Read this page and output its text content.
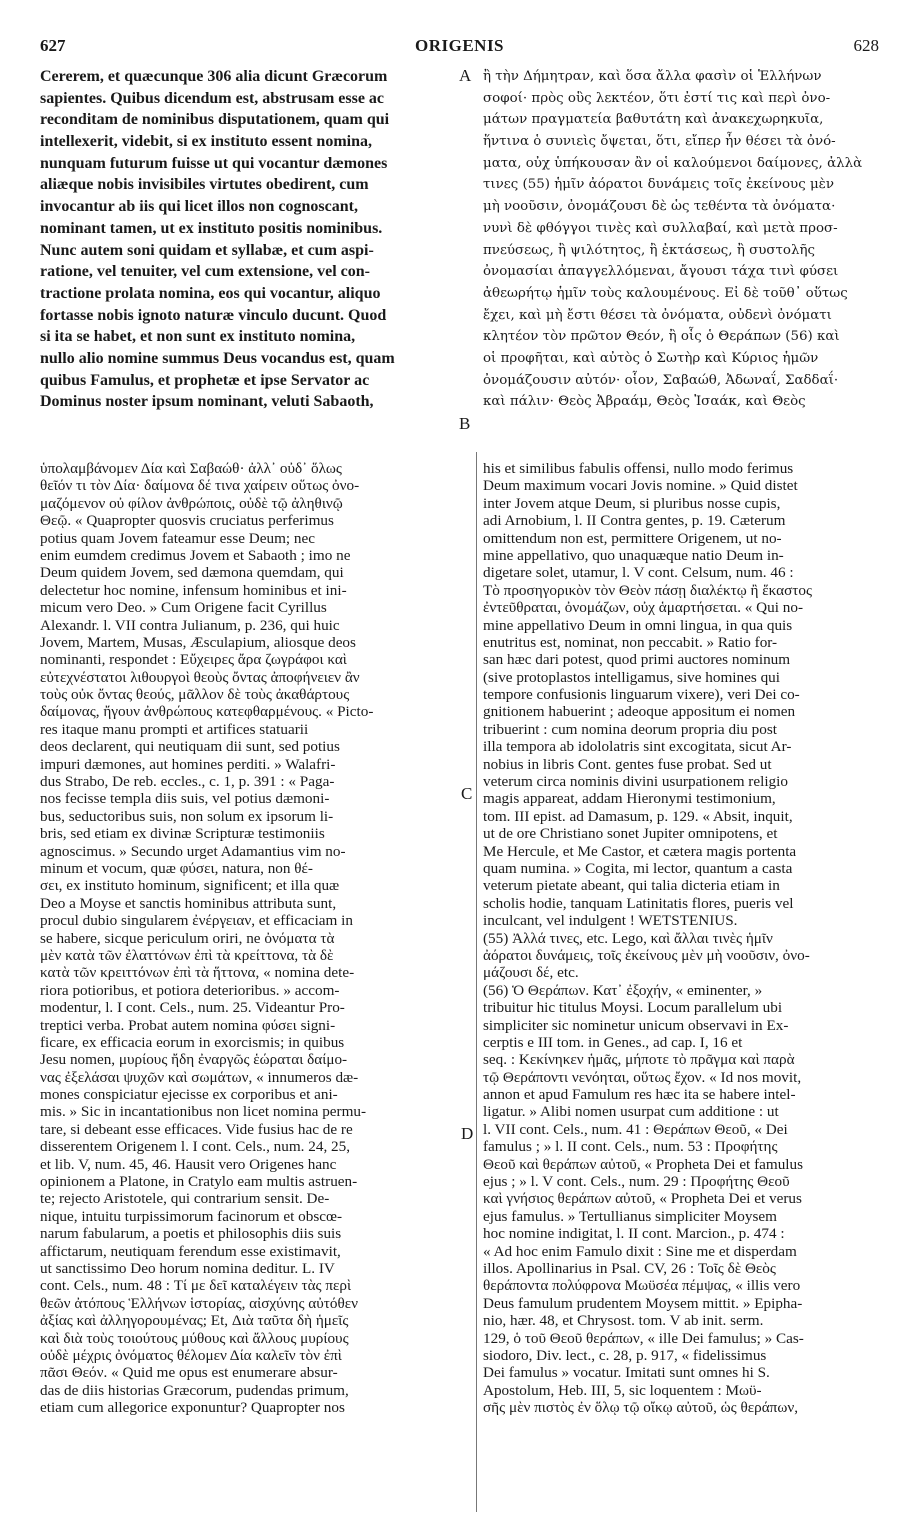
627	ORIGENIS	628
Cererem, et quæcunque 306 alia dicunt Græcorum
sapientes. Quibus dicendum est, abstrusam esse ac
reconditam de nominibus disputationem, quam qui
intellexerit, videbit, si ex instituto essent nomina,
nunquam futurum fuisse ut qui vocantur dæmones
aliæque nobis invisibiles virtutes obedirent, cum
invocantur ab iis qui licet illos non cognoscant,
nominant tamen, ut ex instituto positis nominibus.
Nunc autem soni quidam et syllabæ, et cum aspi-
ratione, vel tenuiter, vel cum extensione, vel con-
tractione prolata nomina, eos qui vocantur, aliquo
fortasse nobis ignoto naturæ vinculo ducunt. Quod
si ita se habet, et non sunt ex instituto nomina,
nullo alio nomine summus Deus vocandus est, quam
quibus Famulus, et prophetæ et ipse Servator ac
Dominus noster ipsum nominant, veluti Sabaoth,
ἢ τὴν Δήμητραν, καὶ ὅσα ἄλλα φασὶν οἱ Ἑλλήνων
σοφοί· πρὸς οὓς λεκτέον, ὅτι ἐστί τις καὶ περὶ ὀνο-
μάτων πραγματεία βαθυτάτη καὶ ἀνακεχωρηκυῖα,
ἥντινα ὁ συνιεὶς ὄψεται, ὅτι, εἴπερ ἦν θέσει τὰ ὀνό-
ματα, οὐχ ὑπήκουσαν ἂν οἱ καλούμενοι δαίμονες, ἀλλὰ
τινες (55) ἡμῖν ἀόρατοι δυνάμεις τοῖς ἐκείνους μὲν
μὴ νοοῦσιν, ὀνομάζουσι δὲ ὡς τεθέντα τὰ ὀνόματα·
νυνὶ δὲ φθόγγοι τινὲς καὶ συλλαβαί, καὶ μετὰ προσ-
πνεύσεως, ἢ ψιλότητος, ἢ ἐκτάσεως, ἢ συστολῆς
ὀνομασίαι ἀπαγγελλόμεναι, ἄγουσι τάχα τινὶ φύσει
ἀθεωρήτῳ ἡμῖν τοὺς καλουμένους. Εἰ δὲ τοῦθ᾽ οὕτως
ἔχει, καὶ μὴ ἔστι θέσει τὰ ὀνόματα, οὐδενὶ ὀνόματι
κλητέον τὸν πρῶτον Θεόν, ἢ οἷς ὁ Θεράπων (56) καὶ
οἱ προφῆται, καὶ αὐτὸς ὁ Σωτὴρ καὶ Κύριος ἡμῶν
ὀνομάζουσιν αὐτόν· οἷον, Σαβαώθ, Ἀδωναΐ, Σαδδαΐ·
καὶ πάλιν· Θεὸς Ἀβραάμ, Θεὸς Ἰσαάκ, καὶ Θεὸς
A
B
C
D
ὑπολαμβάνομεν Δία καὶ Σαβαώθ· ἀλλ᾽ οὐδ᾽ ὅλως
θεῖόν τι τὸν Δία· δαίμονα δέ τινα χαίρειν οὕτως ὀνο-
μαζόμενον οὐ φίλον ἀνθρώποις, οὐδὲ τῷ ἀληθινῷ
Θεῷ. « Quapropter quosvis cruciatus perferimus
potius quam Jovem fateamur esse Deum; nec
enim eumdem credimus Jovem et Sabaoth ; imo ne
Deum quidem Jovem, sed dæmona quemdam, qui
delectetur hoc nomine, infensum hominibus et ini-
micum vero Deo. » Cum Origene facit Cyrillus
Alexandr. l. VII contra Julianum, p. 236, qui huic
Jovem, Martem, Musas, Æsculapium, aliosque deos
nominanti, respondet : Εὔχειρες ἄρα ζωγράφοι καὶ
εὐτεχνέστατοι λιθουργοὶ θεοὺς ὄντας ἀποφήνειεν ἂν
τοὺς οὐκ ὄντας θεούς, μᾶλλον δὲ τοὺς ἀκαθάρτους
δαίμονας, ἤγουν ἀνθρώπους κατεφθαρμένους. « Picto-
res itaque manu prompti et artifices statuarii
deos declarent, qui neutiquam dii sunt, sed potius
impuri dæmones, aut homines perditi. » Walafri-
dus Strabo, De reb. eccles., c. 1, p. 391 : « Paga-
nos fecisse templa diis suis, vel potius dæmoni-
bus, seductoribus suis, non solum ex ipsorum li-
bris, sed etiam ex divinæ Scripturæ testimoniis
agnoscimus. » Secundo urget Adamantius vim no-
minum et vocum, quæ φύσει, natura, non θέ-
σει, ex instituto hominum, significent; et illa quæ
Deo a Moyse et sanctis hominibus attributa sunt,
procul dubio singularem ἐνέργειαν, et efficaciam in
se habere, sicque periculum oriri, ne ὀνόματα τὰ
μὲν κατὰ τῶν ἐλαττόνων ἐπὶ τὰ κρείττονα, τὰ δὲ
κατὰ τῶν κρειττόνων ἐπὶ τὰ ἥττονα, « nomina dete-
riora potioribus, et potiora deterioribus. » accom-
modentur, l. I cont. Cels., num. 25. Videantur Pro-
treptici verba. Probat autem nomina φύσει signi-
ficare, ex efficacia eorum in exorcismis; in quibus
Jesu nomen, μυρίους ἤδη ἐναργῶς ἑώραται δαίμο-
νας ἐξελάσαι ψυχῶν καὶ σωμάτων, « innumeros dæ-
mones conspiciatur ejecisse ex corporibus et ani-
mis. » Sic in incantationibus non licet nomina permu-
tare, si debeant esse efficaces. Vide fusius hac de re
disserentem Origenem l. I cont. Cels., num. 24, 25,
et lib. V, num. 45, 46. Hausit vero Origenes hanc
opinionem a Platone, in Cratylo eam multis astruen-
te; rejecto Aristotele, qui contrarium sensit. De-
nique, intuitu turpissimorum facinorum et obscœ-
narum fabularum, a poetis et philosophis diis suis
affictarum, neutiquam ferendum esse existimavit,
ut sanctissimo Deo horum nomina deditur. L. IV
cont. Cels., num. 48 : Τί με δεῖ καταλέγειν τὰς περὶ
θεῶν ἀτόπους Ἑλλήνων ἱστορίας, αἰσχύνης αὐτόθεν
ἀξίας καὶ ἀλληγορουμένας; Et, Διὰ ταῦτα δὴ ἡμεῖς
καὶ διὰ τοὺς τοιούτους μύθους καὶ ἄλλους μυρίους
οὐδὲ μέχρις ὀνόματος θέλομεν Δία καλεῖν τὸν ἐπὶ
πᾶσι Θεόν. « Quid me opus est enumerare absur-
das de diis historias Græcorum, pudendas primum,
etiam cum allegorice exponuntur? Quapropter nos
his et similibus fabulis offensi, nullo modo ferimus
Deum maximum vocari Jovis nomine. » Quid distet
inter Jovem atque Deum, si pluribus nosse cupis,
adi Arnobium, l. II Contra gentes, p. 19. Cæterum
omittendum non est, permittere Origenem, ut no-
mine appellativo, quo unaquæque natio Deum in-
digetare solet, utamur, l. V cont. Celsum, num. 46 :
Τὸ προσηγορικὸν τὸν Θεὸν πάσῃ διαλέκτῳ ἢ ἕκαστος
ἐντεῦθραται, ὀνομάζων, οὐχ ἁμαρτήσεται. « Qui no-
mine appellativo Deum in omni lingua, in qua quis
enutritus est, nominat, non peccabit. » Ratio for-
san hæc dari potest, quod primi auctores nominum
(sive protoplastos intelligamus, sive homines qui
tempore confusionis linguarum vixere), veri Dei co-
gnitionem habuerint ; adeoque appositum ei nomen
tribuerint : cum nomina deorum propria diu post
illa tempora ab idololatris sint excogitata, sicut Ar-
nobius in libris Cont. gentes fuse probat. Sed ut
veterum circa nominis divini usurpationem religio
magis appareat, addam Hieronymi testimonium,
tom. III epist. ad Damasum, p. 129. « Absit, inquit,
ut de ore Christiano sonet Jupiter omnipotens, et
Me Hercule, et Me Castor, et cætera magis portenta
quam numina. » Cogita, mi lector, quantum a casta
veterum pietate abeant, qui talia dicteria etiam in
scholis hodie, tanquam Latinitatis flores, pueris vel
inculcant, vel indulgent ! WETSTENIUS.
(55) Ἀλλά τινες, etc. Lego, καὶ ἄλλαι τινὲς ἡμῖν
ἀόρατοι δυνάμεις, τοῖς ἐκείνους μὲν μὴ νοοῦσιν, ὀνο-
μάζουσι δέ, etc.
(56) Ὁ Θεράπων. Κατ᾽ ἐξοχήν, « eminenter, »
tribuitur hic titulus Moysi. Locum parallelum ubi
simpliciter sic nominetur unicum observavi in Ex-
cerptis e III tom. in Genes., ad cap. I, 16 et
seq. : Κεκίνηκεν ἡμᾶς, μήποτε τὸ πρᾶγμα καὶ παρὰ
τῷ Θεράποντι νενόηται, οὕτως ἔχον. « Id nos movit,
annon et apud Famulum res hæc ita se habere intel-
ligatur. » Alibi nomen usurpat cum additione : ut
l. VII cont. Cels., num. 41 : Θεράπων Θεοῦ, « Dei
famulus ; » l. II cont. Cels., num. 53 : Προφήτης
Θεοῦ καὶ θεράπων αὐτοῦ, « Propheta Dei et famulus
ejus ; » l. V cont. Cels., num. 29 : Προφήτης Θεοῦ
καὶ γνήσιος θεράπων αὐτοῦ, « Propheta Dei et verus
ejus famulus. » Tertullianus simpliciter Moysem
hoc nomine indigitat, l. II cont. Marcion., p. 474 :
« Ad hoc enim Famulo dixit : Sine me et disperdam
illos. Apollinarius in Psal. CV, 26 : Τοῖς δὲ Θεὸς
θεράποντα πολύφρονα Μωϋσέα πέμψας, « illis vero
Deus famulum prudentem Moysem mittit. » Epipha-
nio, hær. 48, et Chrysost. tom. V ab init. serm.
129, ὁ τοῦ Θεοῦ θεράπων, « ille Dei famulus; » Cas-
siodoro, Div. lect., c. 28, p. 917, « fidelissimus
Dei famulus » vocatur. Imitati sunt omnes hi S.
Apostolum, Heb. III, 5, sic loquentem : Μωϋ-
σῆς μὲν πιστὸς ἐν ὅλῳ τῷ οἴκῳ αὐτοῦ, ὡς θεράπων,
